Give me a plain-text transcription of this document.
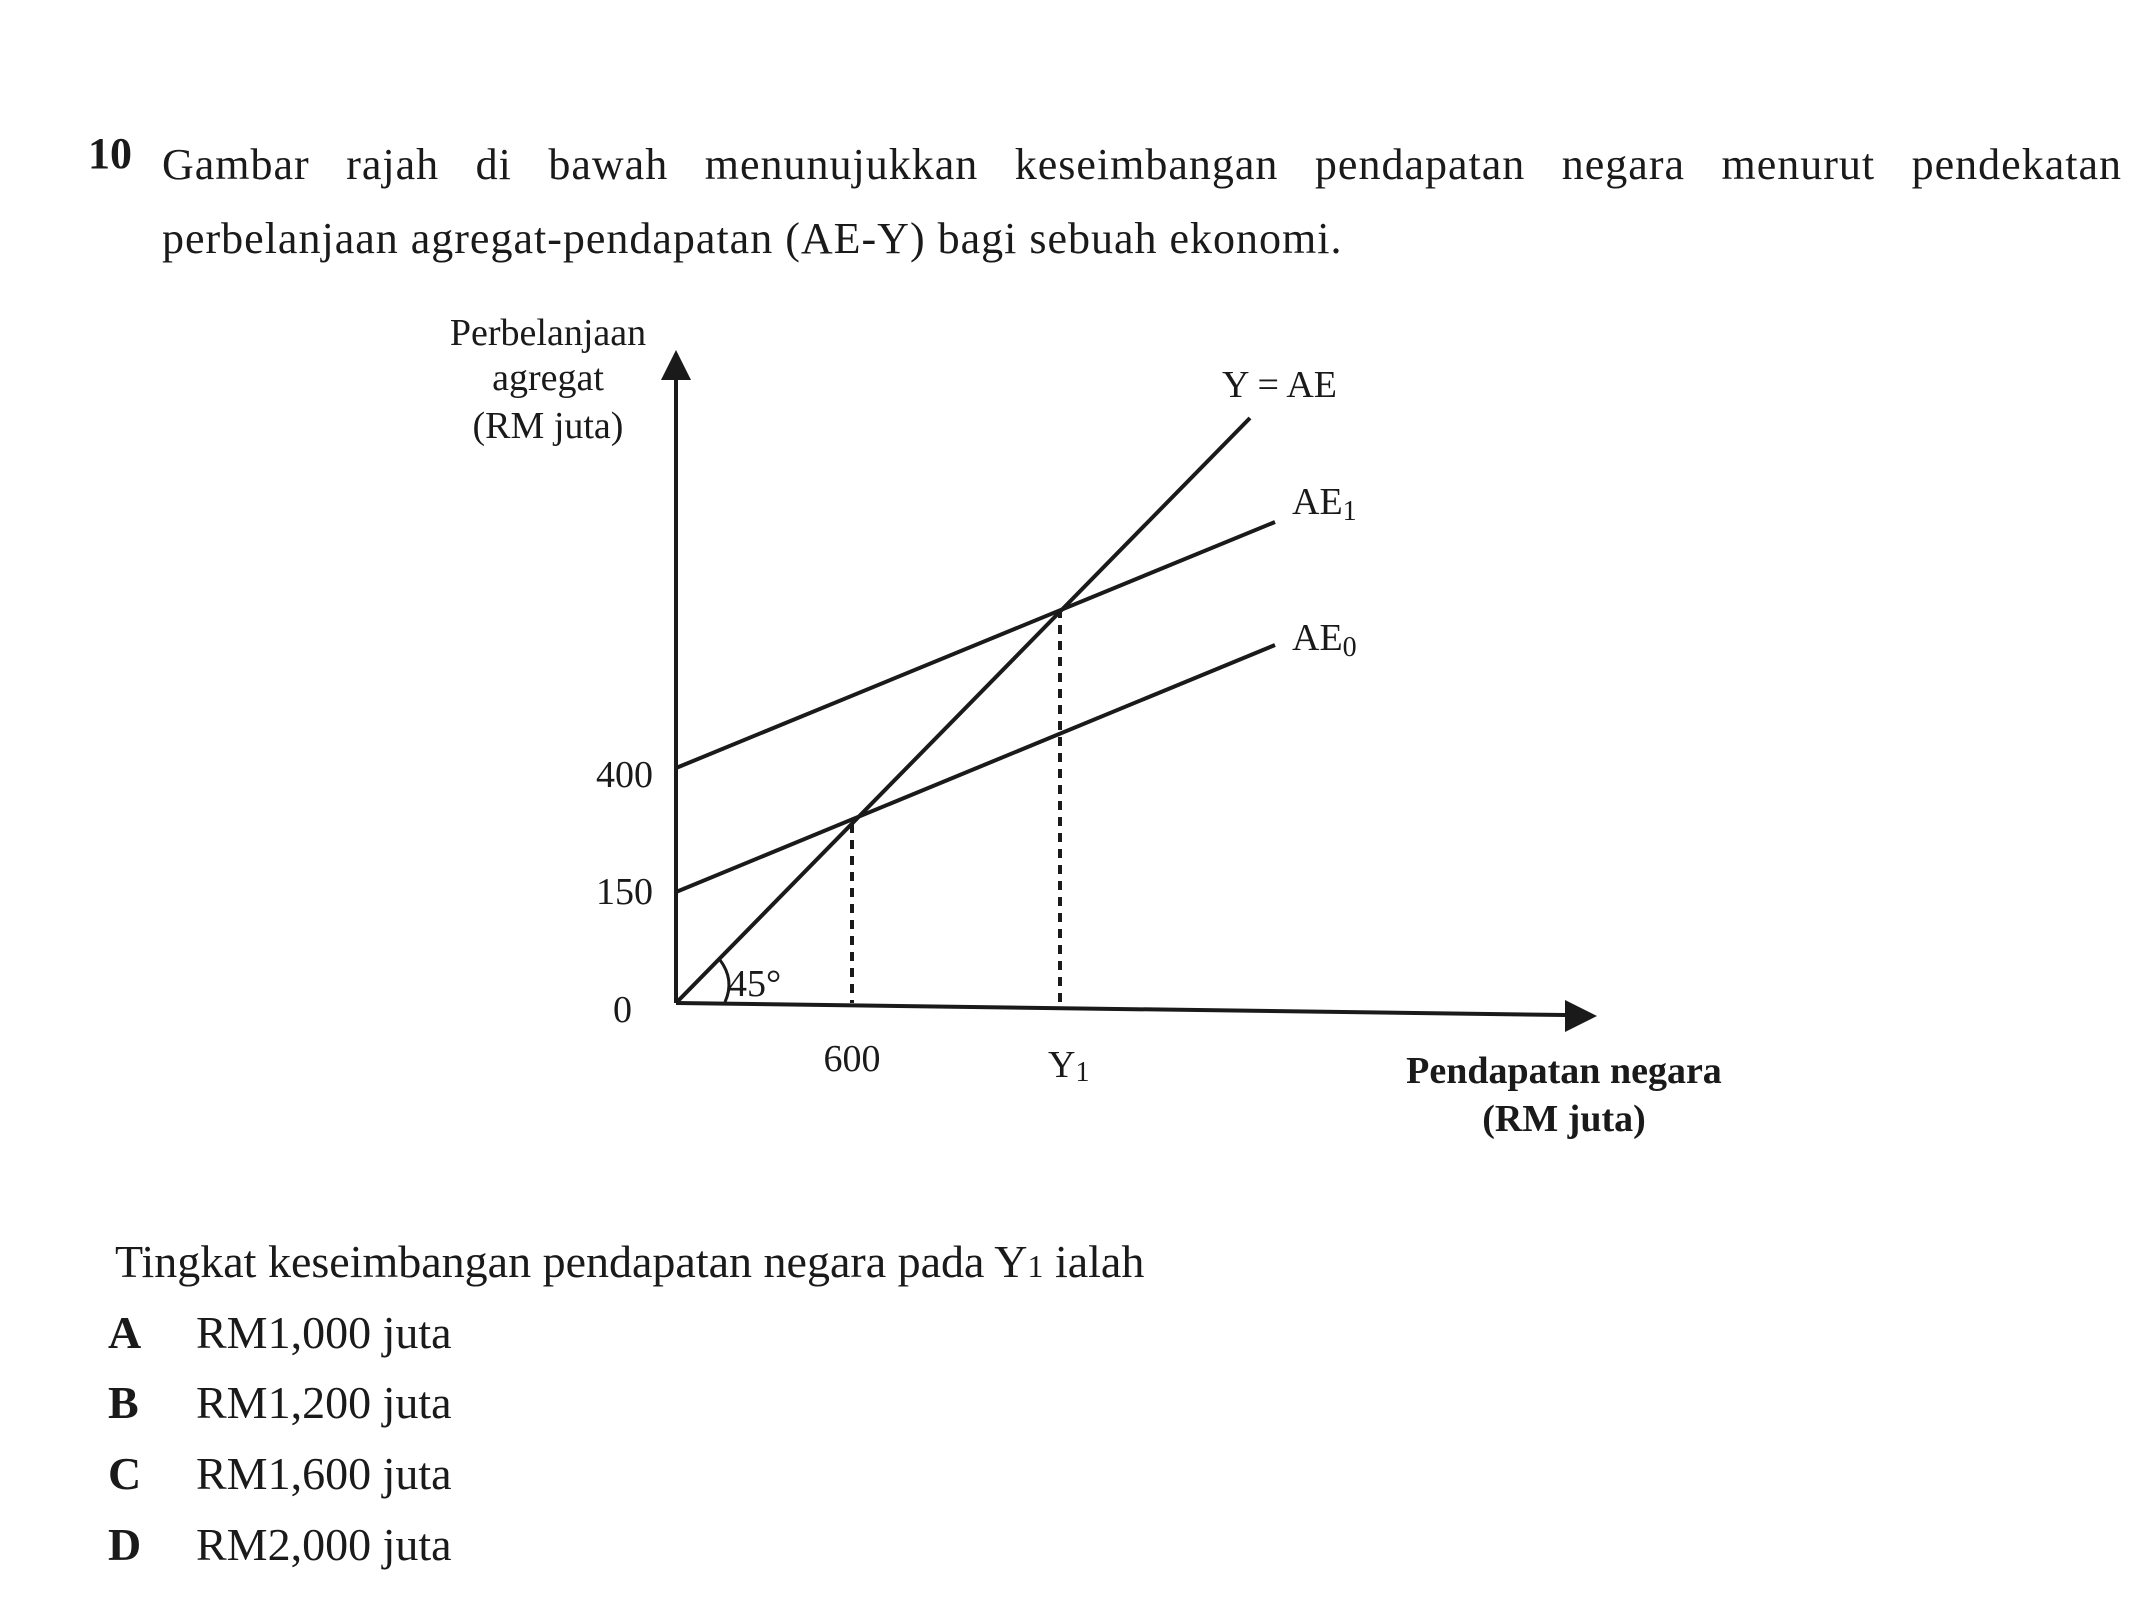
10 Gambar rajah di bawah menunujukkan keseimbangan pendapatan negara menurut pendekatan perbelanjaan agregat-pendapatan (AE-Y) bagi sebuah ekonomi.
Perbelanjaan
agregat
(RM juta)
400
150
0
Y = AE
AE1
AE0
45°
600	Y1	Pendapatan negara
(RM juta)
Tingkat keseimbangan pendapatan negara pada Y1 ialah
A RM1,000 juta
B RM1,200 juta
C RM1,600 juta
D RM2,000 juta
